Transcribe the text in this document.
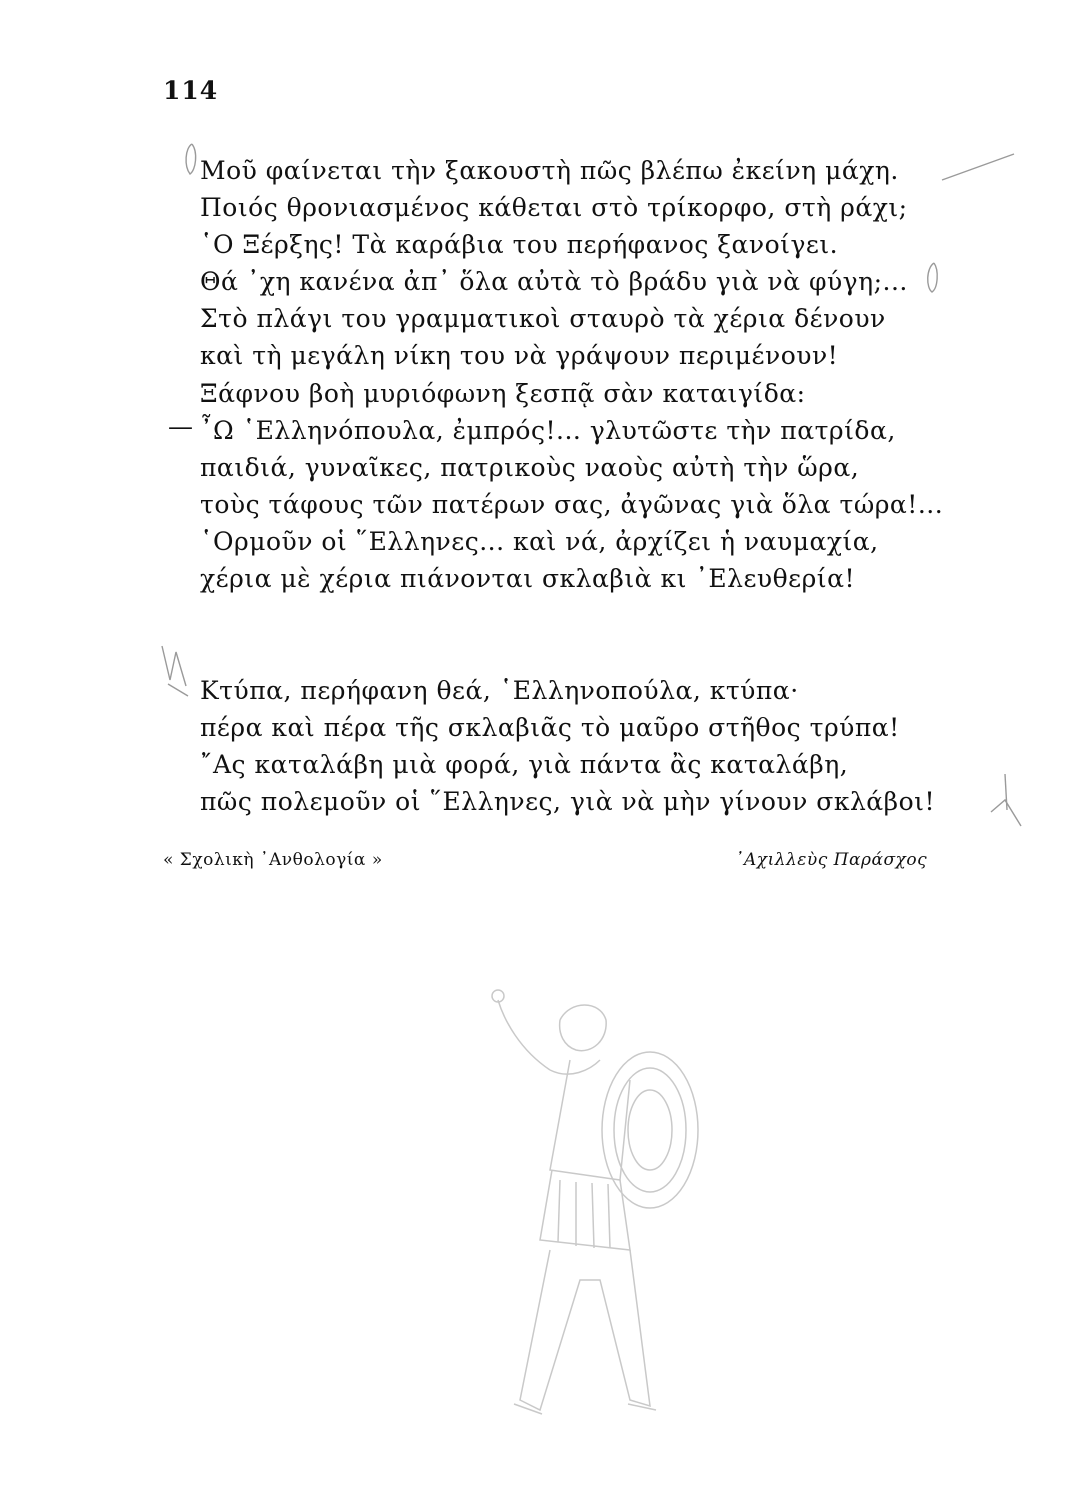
114
Μοῦ φαίνεται τὴν ξακουστὴ πῶς βλέπω ἐκείνη μάχη.
Ποιός θρονιασμένος κάθεται στὸ τρίκορφο, στὴ ράχι;
῾Ο Ξέρξης! Τὰ καράβια του περήφανος ξανοίγει.
Θά ᾿χη κανένα ἀπ᾿ ὅλα αὐτὰ τὸ βράδυ γιὰ νὰ φύγη;...
Στὸ πλάγι του γραμματικοὶ σταυρὸ τὰ χέρια δένουν
καὶ τὴ μεγάλη νίκη του νὰ γράψουν περιμένουν!
Ξάφνου βοὴ μυριόφωνη ξεσπᾷ σὰν καταιγίδα:
— ῏Ω ῾Ελληνόπουλα, ἐμπρός!... γλυτῶστε τὴν πατρίδα,
παιδιά, γυναῖκες, πατρικοὺς ναοὺς αὐτὴ τὴν ὥρα,
τοὺς τάφους τῶν πατέρων σας, ἀγῶνας γιὰ ὅλα τώρα!...
῾Ορμοῦν οἱ ῞Ελληνες... καὶ νά, ἀρχίζει ἡ ναυμαχία,
χέρια μὲ χέρια πιάνονται σκλαβιὰ κι ᾿Ελευθερία!
Κτύπα, περήφανη θεά, ῾Ελληνοπούλα, κτύπα·
πέρα καὶ πέρα τῆς σκλαβιᾶς τὸ μαῦρο στῆθος τρύπα!
῎Ας καταλάβη μιὰ φορά, γιὰ πάντα ἂς καταλάβη,
πῶς πολεμοῦν οἱ ῞Ελληνες, γιὰ νὰ μὴν γίνουν σκλάβοι!
« Σχολικὴ ᾿Ανθολογία »	᾿Αχιλλεὺς Παράσχος
